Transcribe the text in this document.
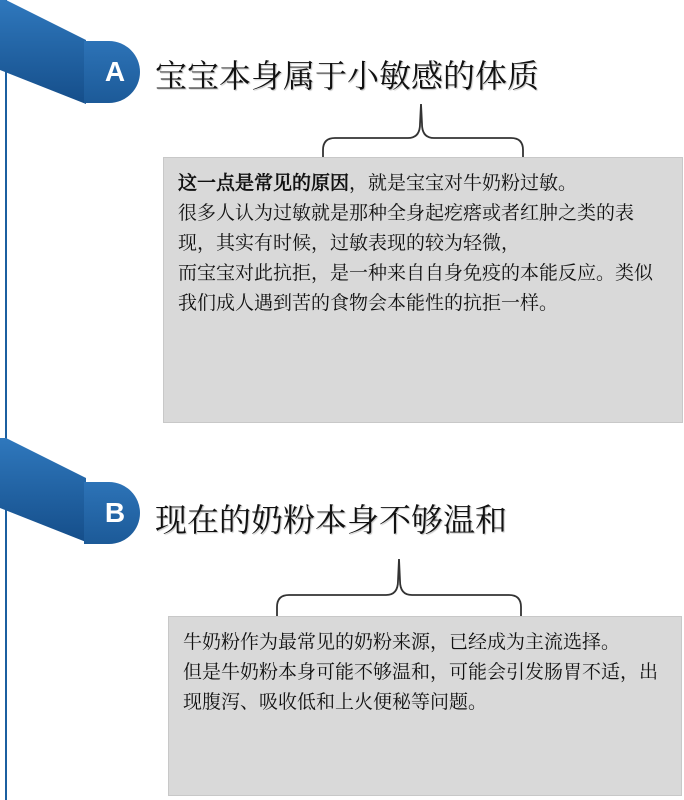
A 宝宝本身属于小敏感的体质

这一点是常见的原因，就是宝宝对牛奶粉过敏。

很多人认为过敏就是那种全身起疙瘩或者红肿之类的表现，其实有时候，过敏表现的较为轻微，

而宝宝对此抗拒，是一种来自自身免疫的本能反应。类似我们成人遇到苦的食物会本能性的抗拒一样。

B 现在的奶粉本身不够温和

牛奶粉作为最常见的奶粉来源，已经成为主流选择。

但是牛奶粉本身可能不够温和，可能会引发肠胃不适，出现腹泻、吸收低和上火便秘等问题。
